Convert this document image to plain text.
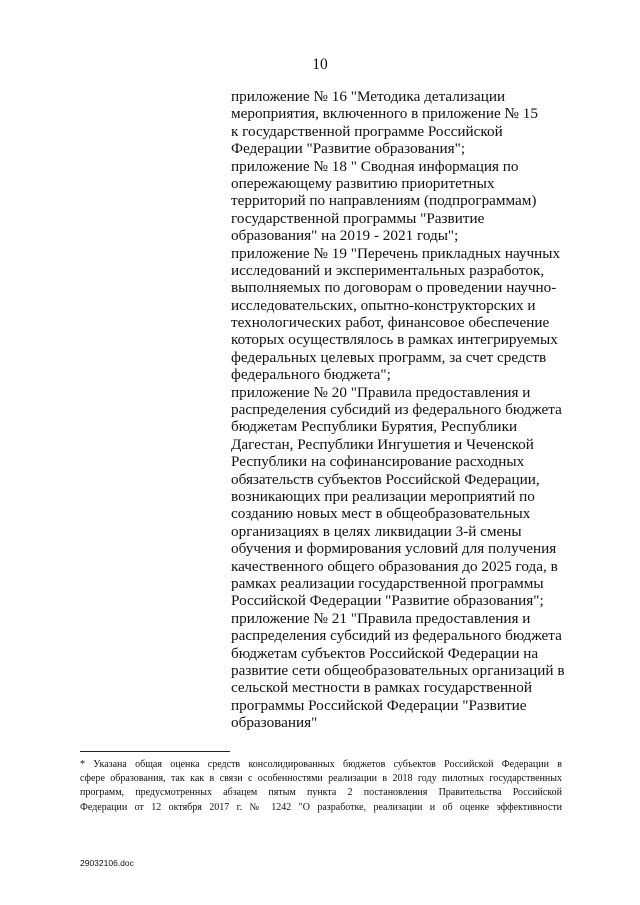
10
приложение № 16 "Методика детализации
мероприятия, включенного в приложение № 15
к государственной программе Российской
Федерации "Развитие образования";
приложение № 18 " Сводная информация по
опережающему развитию приоритетных
территорий по направлениям (подпрограммам)
государственной программы "Развитие
образования" на 2019 - 2021 годы";
приложение № 19 "Перечень прикладных научных
исследований и экспериментальных разработок,
выполняемых по договорам о проведении научно-
исследовательских, опытно-конструкторских и
технологических работ, финансовое обеспечение
которых осуществлялось в рамках интегрируемых
федеральных целевых программ, за счет средств
федерального бюджета";
приложение № 20 "Правила предоставления и
распределения субсидий из федерального бюджета
бюджетам Республики Бурятия, Республики
Дагестан, Республики Ингушетия и Чеченской
Республики на софинансирование расходных
обязательств субъектов Российской Федерации,
возникающих при реализации мероприятий по
созданию новых мест в общеобразовательных
организациях в целях ликвидации 3-й смены
обучения и формирования условий для получения
качественного общего образования до 2025 года, в
рамках реализации государственной программы
Российской Федерации "Развитие образования";
приложение № 21 "Правила предоставления и
распределения субсидий из федерального бюджета
бюджетам субъектов Российской Федерации на
развитие сети общеобразовательных организаций в
сельской местности в рамках государственной
программы Российской Федерации "Развитие
образования"
* Указана общая оценка средств консолидированных бюджетов субъектов Российской Федерации в
сфере образования, так как в связи с особенностями реализации в 2018 году пилотных государственных
программ, предусмотренных абзацем пятым пункта 2 постановления Правительства Российской
Федерации от 12 октября 2017 г. № 1242 "О разработке, реализации и об оценке эффективности
29032106.doc
